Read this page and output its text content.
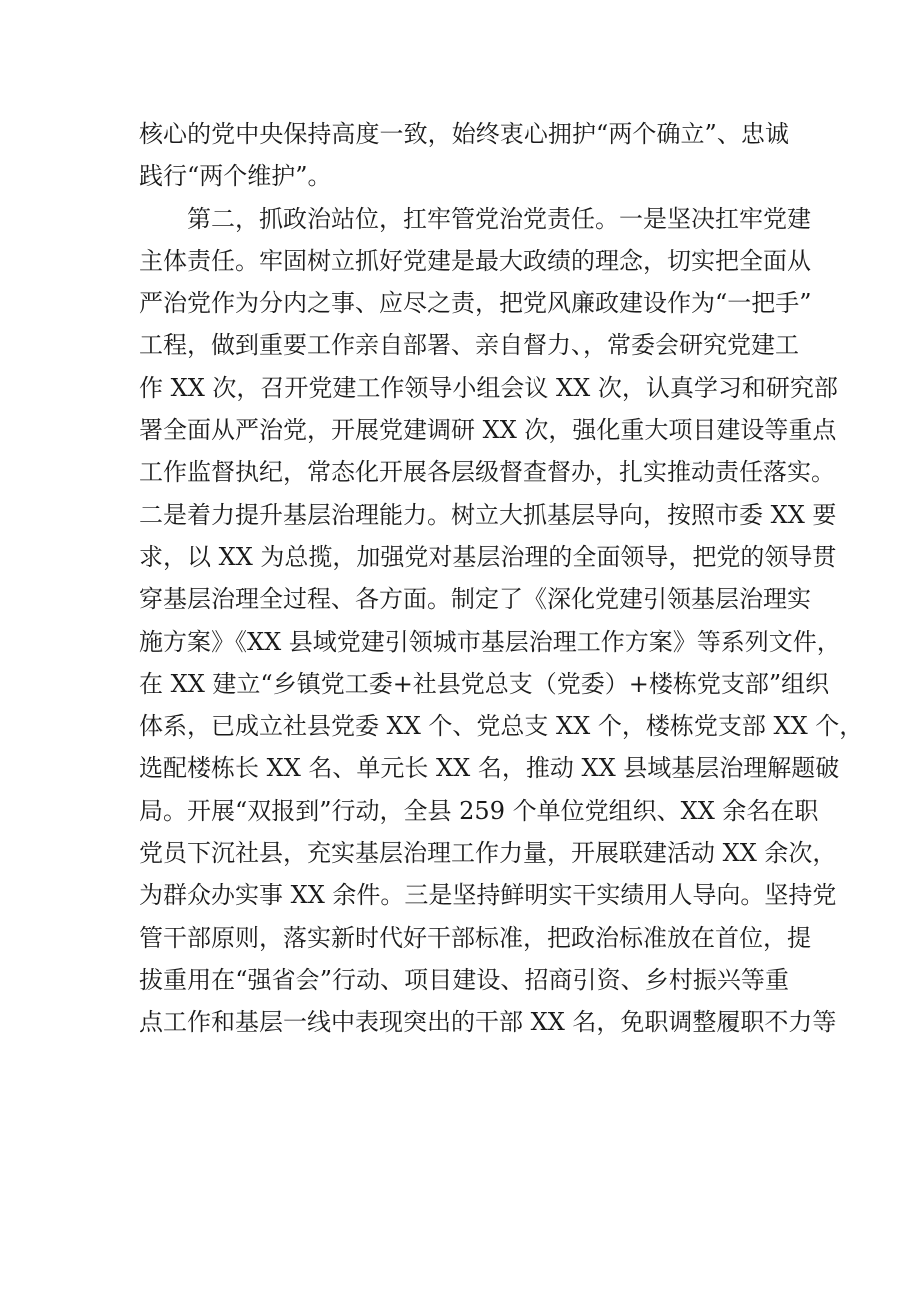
核心的党中央保持高度一致，始终衷心拥护“两个确立”、忠诚
践行“两个维护”。
第二，抓政治站位，扛牢管党治党责任。一是坚决扛牢党建
主体责任。牢固树立抓好党建是最大政绩的理念，切实把全面从
严治党作为分内之事、应尽之责，把党风廉政建设作为“一把手”
工程，做到重要工作亲自部署、亲自督力、，常委会研究党建工
作 XX 次，召开党建工作领导小组会议 XX 次，认真学习和研究部
署全面从严治党，开展党建调研 XX 次，强化重大项目建设等重点
工作监督执纪，常态化开展各层级督查督办，扎实推动责任落实。
二是着力提升基层治理能力。树立大抓基层导向，按照市委 XX 要
求，以 XX 为总揽，加强党对基层治理的全面领导，把党的领导贯
穿基层治理全过程、各方面。制定了《深化党建引领基层治理实
施方案》《XX 县域党建引领城市基层治理工作方案》等系列文件，
在 XX 建立“乡镇党工委+社县党总支（党委）+楼栋党支部”组织
体系，已成立社县党委 XX 个、党总支 XX 个，楼栋党支部 XX 个，
选配楼栋长 XX 名、单元长 XX 名，推动 XX 县域基层治理解题破
局。开展“双报到”行动，全县 259 个单位党组织、XX 余名在职
党员下沉社县，充实基层治理工作力量，开展联建活动 XX 余次，
为群众办实事 XX 余件。三是坚持鲜明实干实绩用人导向。坚持党
管干部原则，落实新时代好干部标准，把政治标准放在首位，提
拔重用在“强省会”行动、项目建设、招商引资、乡村振兴等重
点工作和基层一线中表现突出的干部 XX 名，免职调整履职不力等
